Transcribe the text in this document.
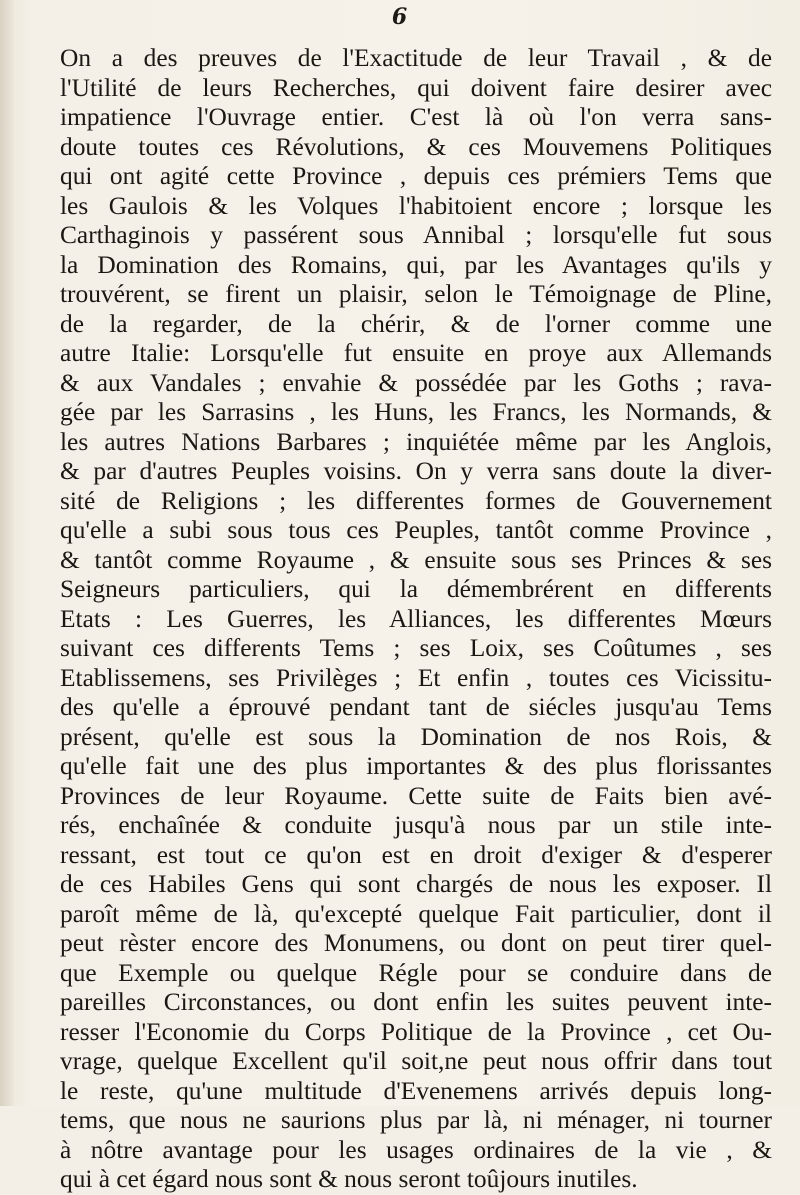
6
On a des preuves de l'Exactitude de leur Travail , & de
l'Utilité de leurs Recherches, qui doivent faire desirer avec
impatience l'Ouvrage entier. C'est là où l'on verra sans-
doute toutes ces Révolutions, & ces Mouvemens Politiques
qui ont agité cette Province , depuis ces prémiers Tems que
les Gaulois & les Volques l'habitoient encore ; lorsque les
Carthaginois y passérent sous Annibal ; lorsqu'elle fut sous
la Domination des Romains, qui, par les Avantages qu'ils y
trouvérent, se firent un plaisir, selon le Témoignage de Pline,
de la regarder, de la chérir, & de l'orner comme une
autre Italie: Lorsqu'elle fut ensuite en proye aux Allemands
& aux Vandales ; envahie & possédée par les Goths ; rava-
gée par les Sarrasins , les Huns, les Francs, les Normands, &
les autres Nations Barbares ; inquiétée même par les Anglois,
& par d'autres Peuples voisins. On y verra sans doute la diver-
sité de Religions ; les differentes formes de Gouvernement
qu'elle a subi sous tous ces Peuples, tantôt comme Province ,
& tantôt comme Royaume , & ensuite sous ses Princes & ses
Seigneurs particuliers, qui la démembrérent en differents
Etats : Les Guerres, les Alliances, les differentes Mœurs
suivant ces differents Tems ; ses Loix, ses Coûtumes , ses
Etablissemens, ses Privilèges ; Et enfin , toutes ces Vicissitu-
des qu'elle a éprouvé pendant tant de siécles jusqu'au Tems
présent, qu'elle est sous la Domination de nos Rois, &
qu'elle fait une des plus importantes & des plus florissantes
Provinces de leur Royaume. Cette suite de Faits bien avé-
rés, enchaînée & conduite jusqu'à nous par un stile inte-
ressant, est tout ce qu'on est en droit d'exiger & d'esperer
de ces Habiles Gens qui sont chargés de nous les exposer. Il
paroît même de là, qu'excepté quelque Fait particulier, dont il
peut rèster encore des Monumens, ou dont on peut tirer quel-
que Exemple ou quelque Régle pour se conduire dans de
pareilles Circonstances, ou dont enfin les suites peuvent inte-
resser l'Economie du Corps Politique de la Province , cet Ou-
vrage, quelque Excellent qu'il soit,ne peut nous offrir dans tout
le reste, qu'une multitude d'Evenemens arrivés depuis long-
tems, que nous ne saurions plus par là, ni ménager, ni tourner
à nôtre avantage pour les usages ordinaires de la vie , &
qui à cet égard nous sont & nous seront toûjours inutiles.
